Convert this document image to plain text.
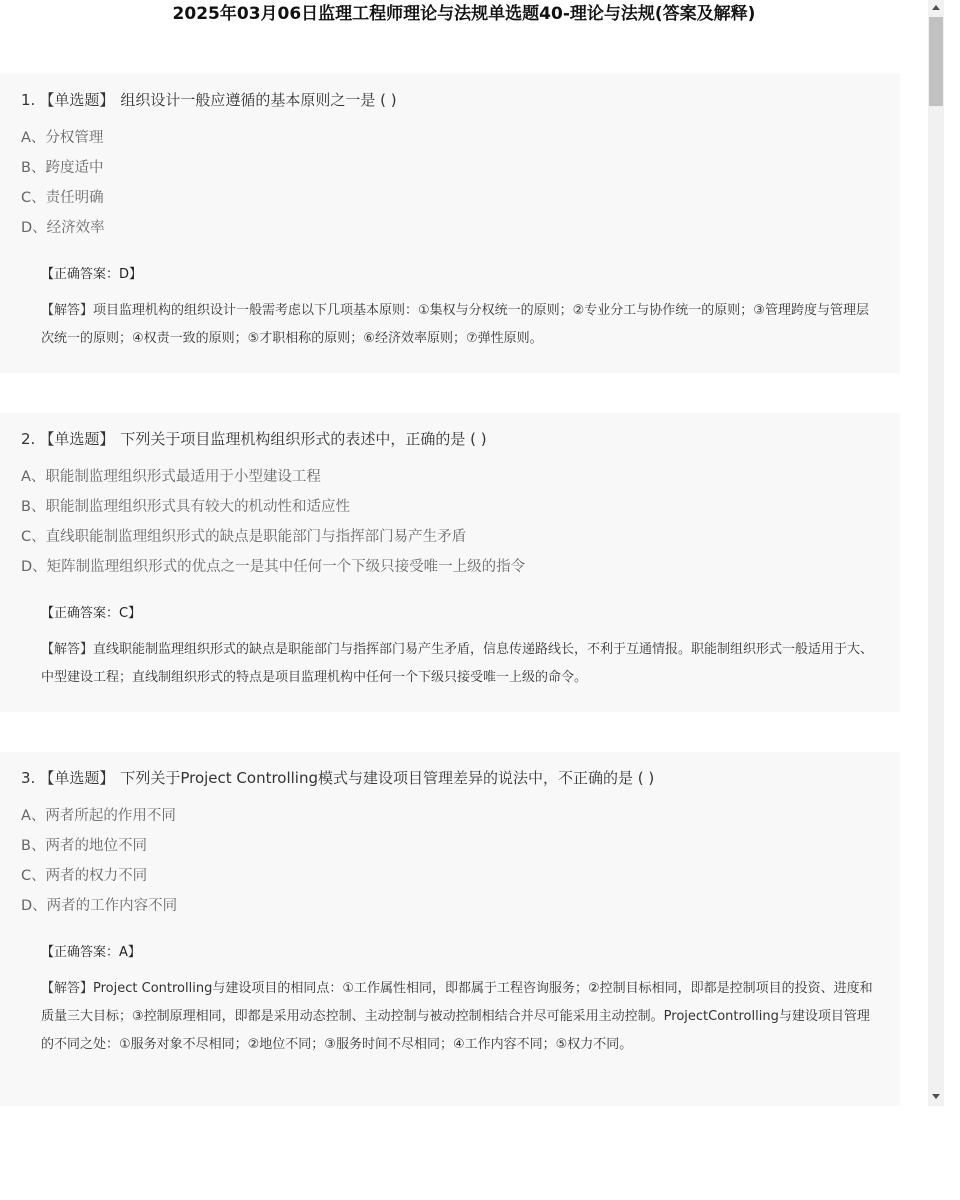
2025年03月06日监理工程师理论与法规单选题40-理论与法规(答案及解释)
1. 【单选题】 组织设计一般应遵循的基本原则之一是 ( )
A、分权管理
B、跨度适中
C、责任明确
D、经济效率
【正确答案：D】

【解答】项目监理机构的组织设计一般需考虑以下几项基本原则：①集权与分权统一的原则；②专业分工与协作统一的原则；③管理跨度与管理层次统一的原则；④权责一致的原则；⑤才职相称的原则；⑥经济效率原则；⑦弹性原则。

2. 【单选题】 下列关于项目监理机构组织形式的表述中，正确的是 ( )
A、职能制监理组织形式最适用于小型建设工程
B、职能制监理组织形式具有较大的机动性和适应性
C、直线职能制监理组织形式的缺点是职能部门与指挥部门易产生矛盾
D、矩阵制监理组织形式的优点之一是其中任何一个下级只接受唯一上级的指令
【正确答案：C】

【解答】直线职能制监理组织形式的缺点是职能部门与指挥部门易产生矛盾，信息传递路线长，不利于互通情报。职能制组织形式一般适用于大、中型建设工程；直线制组织形式的特点是项目监理机构中任何一个下级只接受唯一上级的命令。

3. 【单选题】 下列关于Project Controlling模式与建设项目管理差异的说法中，不正确的是 ( )
A、两者所起的作用不同
B、两者的地位不同
C、两者的权力不同
D、两者的工作内容不同
【正确答案：A】

【解答】Project Controlling与建设项目的相同点：①工作属性相同，即都属于工程咨询服务；②控制目标相同，即都是控制项目的投资、进度和质量三大目标；③控制原理相同，即都是采用动态控制、主动控制与被动控制相结合并尽可能采用主动控制。ProjectControlling与建设项目管理的不同之处：①服务对象不尽相同；②地位不同；③服务时间不尽相同；④工作内容不同；⑤权力不同。
